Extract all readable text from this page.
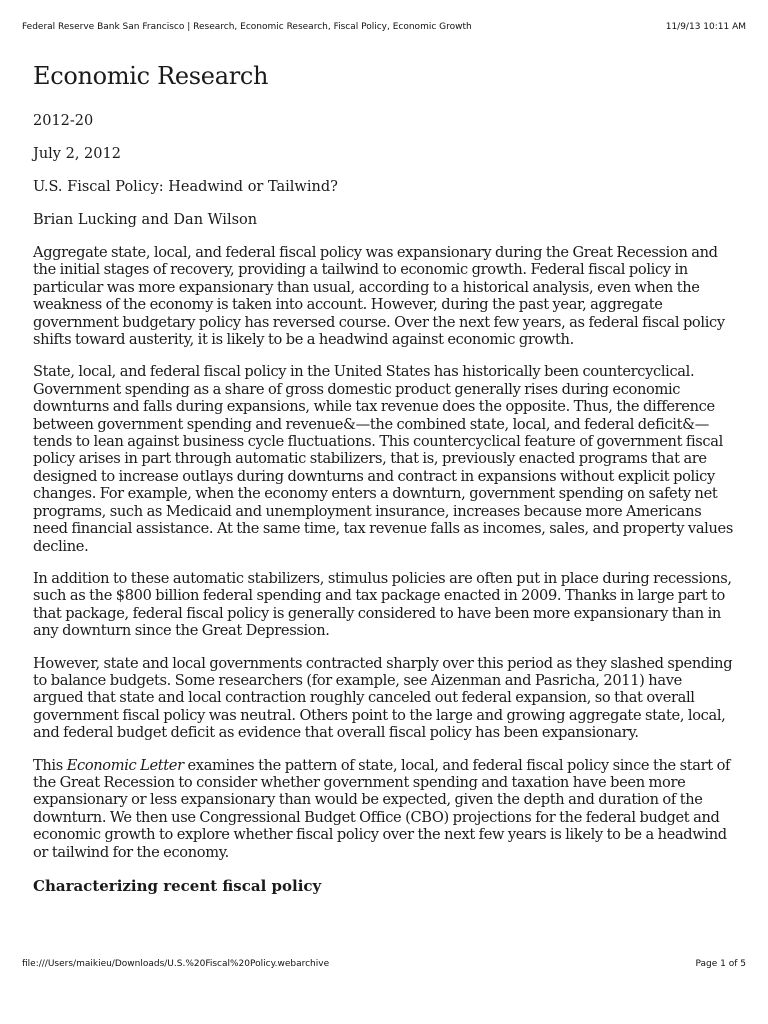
Federal Reserve Bank San Francisco | Research, Economic Research, Fiscal Policy, Economic Growth	11/9/13 10:11 AM
Economic Research
2012-20
July 2, 2012
U.S. Fiscal Policy: Headwind or Tailwind?
Brian Lucking and Dan Wilson

Aggregate state, local, and federal fiscal policy was expansionary during the Great Recession and the initial stages of recovery, providing a tailwind to economic growth. Federal fiscal policy in particular was more expansionary than usual, according to a historical analysis, even when the weakness of the economy is taken into account. However, during the past year, aggregate government budgetary policy has reversed course. Over the next few years, as federal fiscal policy shifts toward austerity, it is likely to be a headwind against economic growth.

State, local, and federal fiscal policy in the United States has historically been countercyclical. Government spending as a share of gross domestic product generally rises during economic downturns and falls during expansions, while tax revenue does the opposite. Thus, the difference between government spending and revenue&—the combined state, local, and federal deficit&— tends to lean against business cycle fluctuations. This countercyclical feature of government fiscal policy arises in part through automatic stabilizers, that is, previously enacted programs that are designed to increase outlays during downturns and contract in expansions without explicit policy changes. For example, when the economy enters a downturn, government spending on safety net programs, such as Medicaid and unemployment insurance, increases because more Americans need financial assistance. At the same time, tax revenue falls as incomes, sales, and property values decline.

In addition to these automatic stabilizers, stimulus policies are often put in place during recessions, such as the $800 billion federal spending and tax package enacted in 2009. Thanks in large part to that package, federal fiscal policy is generally considered to have been more expansionary than in any downturn since the Great Depression.

However, state and local governments contracted sharply over this period as they slashed spending to balance budgets. Some researchers (for example, see Aizenman and Pasricha, 2011) have argued that state and local contraction roughly canceled out federal expansion, so that overall government fiscal policy was neutral. Others point to the large and growing aggregate state, local, and federal budget deficit as evidence that overall fiscal policy has been expansionary.

This Economic Letter examines the pattern of state, local, and federal fiscal policy since the start of the Great Recession to consider whether government spending and taxation have been more expansionary or less expansionary than would be expected, given the depth and duration of the downturn. We then use Congressional Budget Office (CBO) projections for the federal budget and economic growth to explore whether fiscal policy over the next few years is likely to be a headwind or tailwind for the economy.

Characterizing recent fiscal policy
file:///Users/maikieu/Downloads/U.S.%20Fiscal%20Policy.webarchive	Page 1 of 5
